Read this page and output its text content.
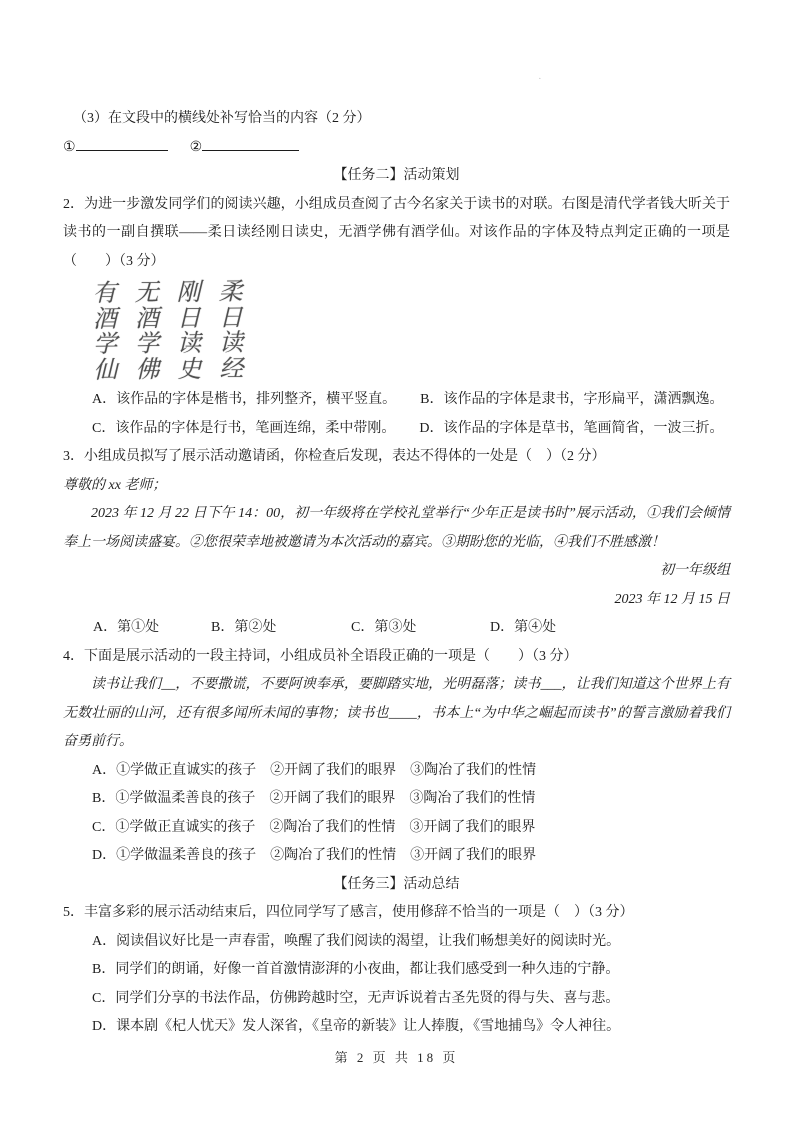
·

（3）在文段中的横线处补写恰当的内容（2 分）

①	②

【任务二】活动策划

2．为进一步激发同学们的阅读兴趣，小组成员查阅了古今名家关于读书的对联。右图是清代学者钱大昕关于读书的一副自撰联——柔日读经刚日读史，无酒学佛有酒学仙。对该作品的字体及特点判定正确的一项是（　　）（3 分）

有无刚柔
酒酒日日
学学读读
仙佛史经
A．该作品的字体是楷书，排列整齐，横平竖直。 B．该作品的字体是隶书，字形扁平，潇洒飘逸。
C．该作品的字体是行书，笔画连绵，柔中带刚。 D．该作品的字体是草书，笔画简省，一波三折。

3．小组成员拟写了展示活动邀请函，你检查后发现，表达不得体的一处是（　）（2 分）

尊敬的 xx 老师；

2023 年 12 月 22 日下午 14：00，初一年级将在学校礼堂举行“少年正是读书时”展示活动，①我们会倾情奉上一场阅读盛宴。②您很荣幸地被邀请为本次活动的嘉宾。③期盼您的光临，④我们不胜感激！

初一年级组

2023 年 12 月 15 日

A．第①处	B．第②处	C．第③处	D．第④处

4．下面是展示活动的一段主持词，小组成员补全语段正确的一项是（　　）（3 分）

读书让我们__，不要撒谎，不要阿谀奉承，要脚踏实地，光明磊落；读书___，让我们知道这个世界上有无数壮丽的山河，还有很多闻所未闻的事物；读书也____，书本上“为中华之崛起而读书”的誓言激励着我们奋勇前行。

A．①学做正直诚实的孩子　②开阔了我们的眼界　③陶冶了我们的性情

B．①学做温柔善良的孩子　②开阔了我们的眼界　③陶冶了我们的性情

C．①学做正直诚实的孩子　②陶冶了我们的性情　③开阔了我们的眼界

D．①学做温柔善良的孩子　②陶冶了我们的性情　③开阔了我们的眼界

【任务三】活动总结

5．丰富多彩的展示活动结束后，四位同学写了感言，使用修辞不恰当的一项是（　）（3 分）

A．阅读倡议好比是一声春雷，唤醒了我们阅读的渴望，让我们畅想美好的阅读时光。

B．同学们的朗诵，好像一首首激情澎湃的小夜曲，都让我们感受到一种久违的宁静。

C．同学们分享的书法作品，仿佛跨越时空，无声诉说着古圣先贤的得与失、喜与悲。

D．课本剧《杞人忧天》发人深省，《皇帝的新装》让人捧腹，《雪地捕鸟》令人神往。

第 2 页 共 18 页
